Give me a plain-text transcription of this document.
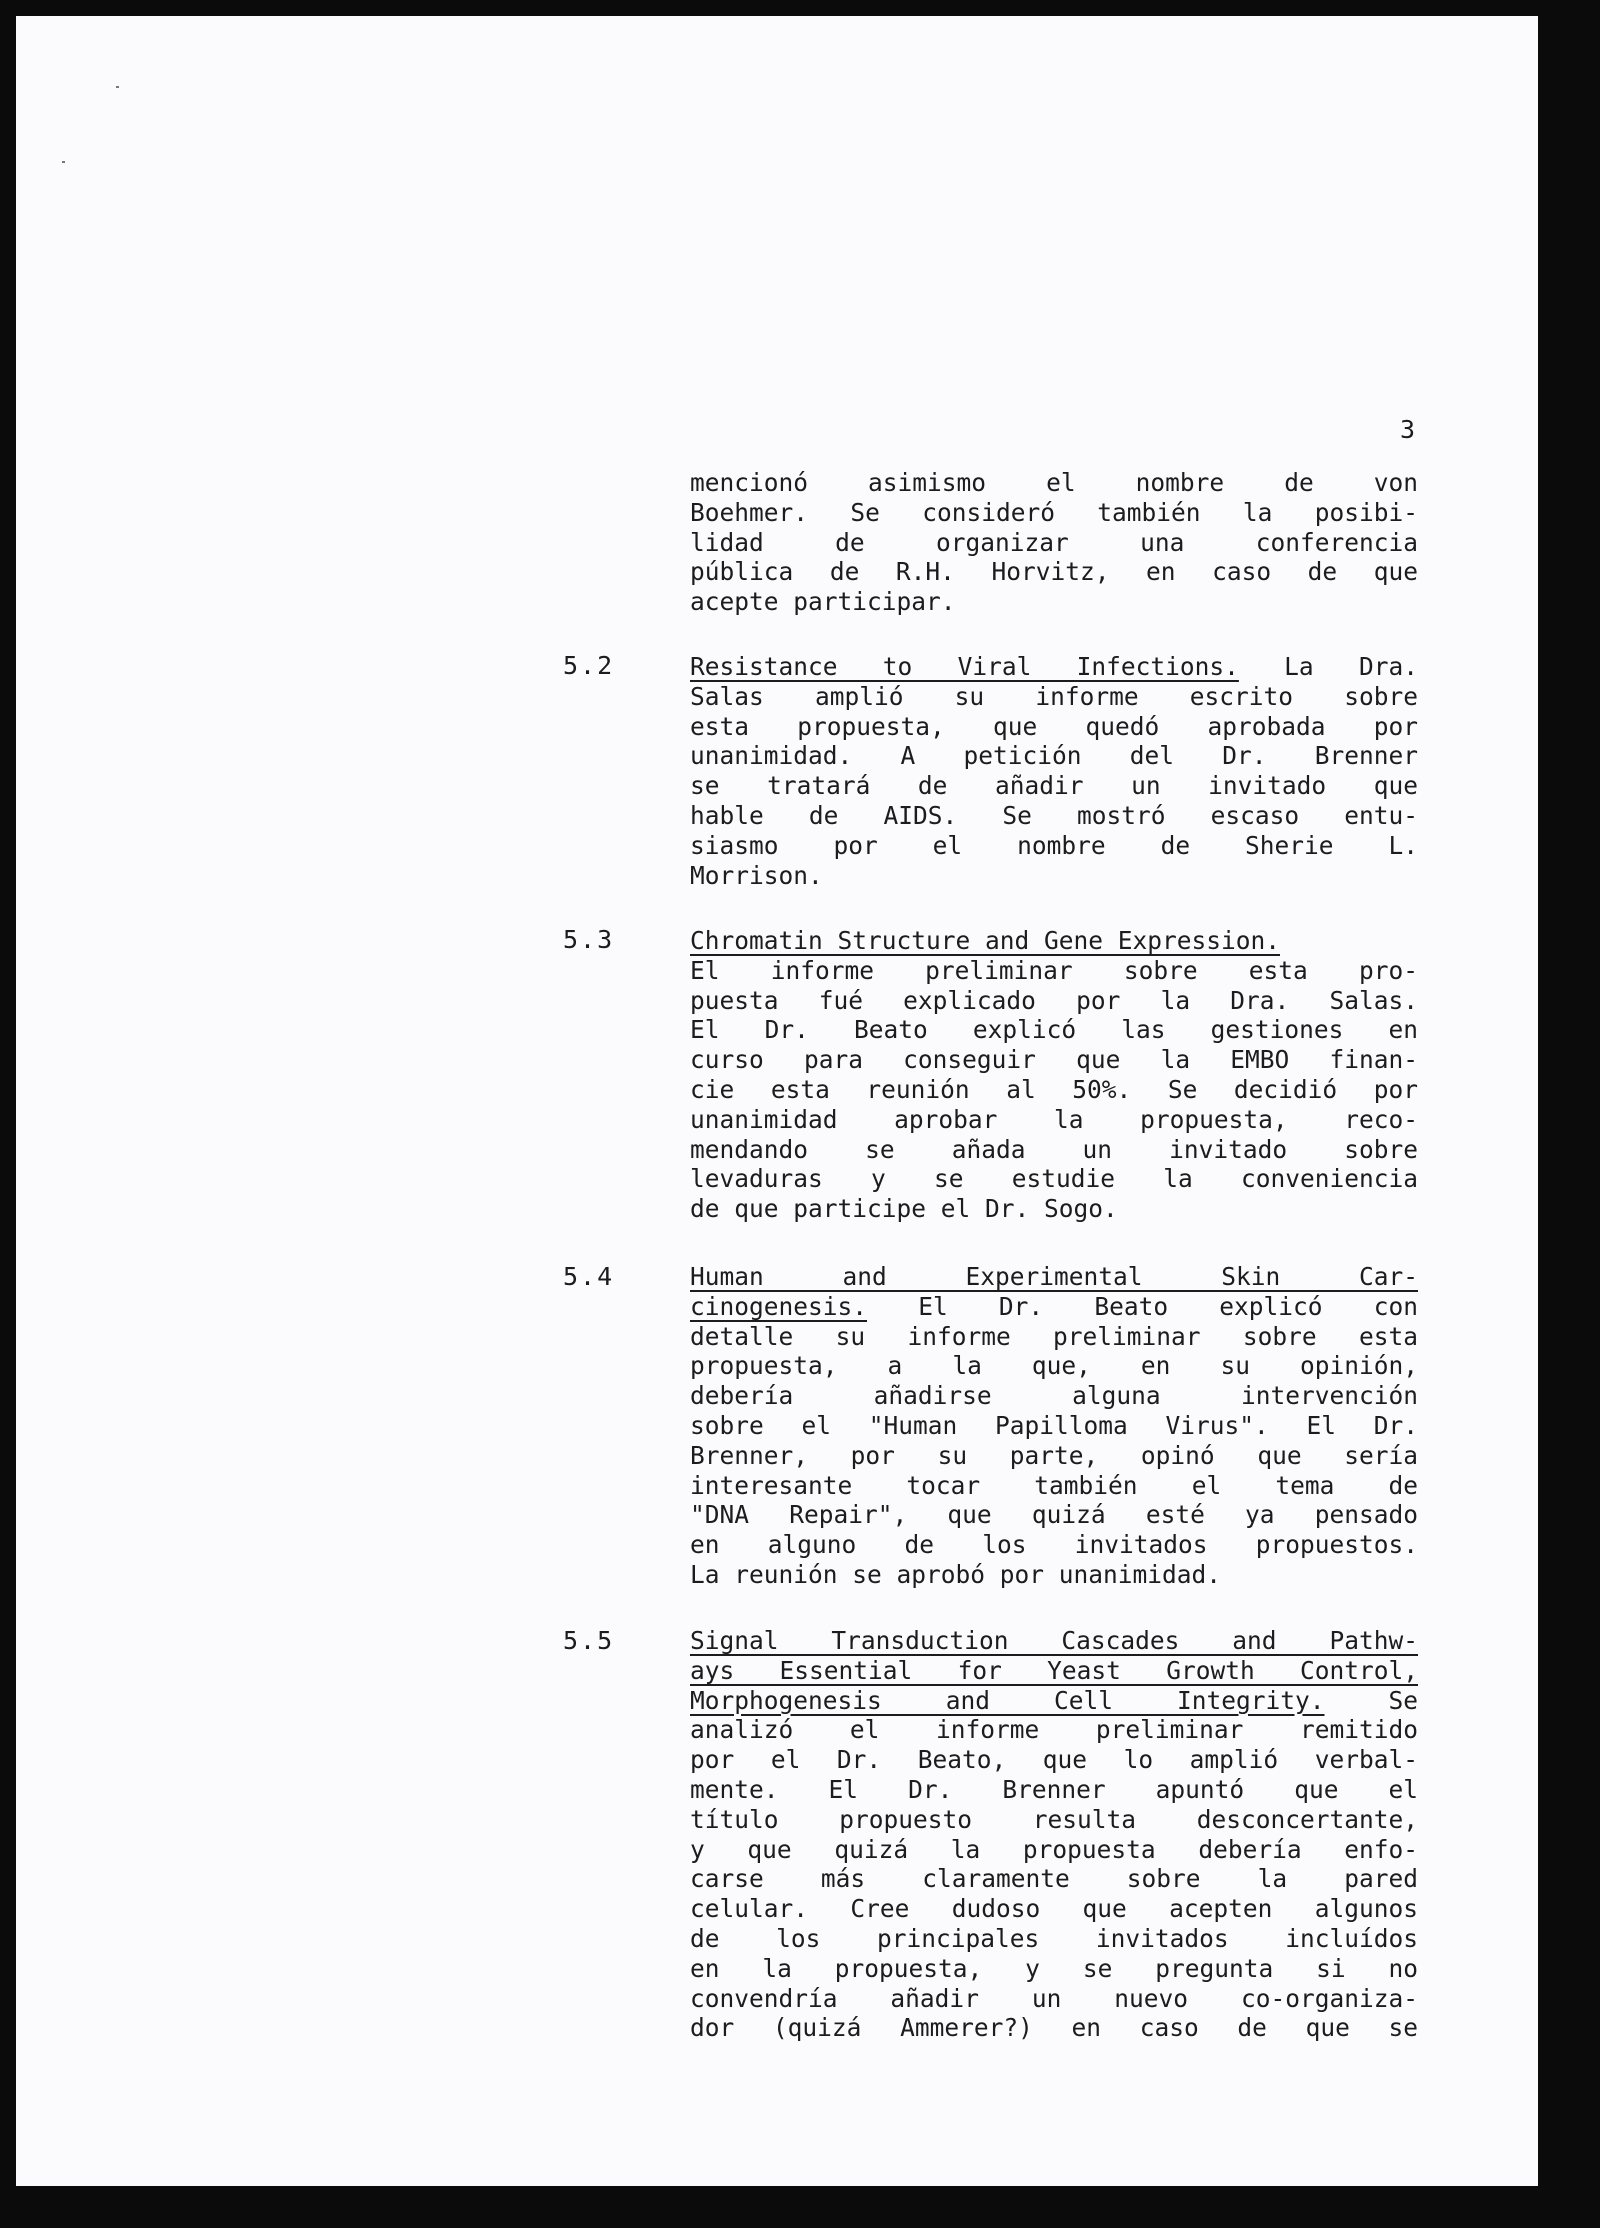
3
mencionó asimismo el nombre de von
Boehmer. Se consideró también la posibi-
lidad de organizar una conferencia
pública de R.H. Horvitz, en caso de que
acepte participar.
5.2	Resistance to Viral Infections. La Dra.
Salas amplió su informe escrito sobre
esta propuesta, que quedó aprobada por
unanimidad. A petición del Dr. Brenner
se tratará de añadir un invitado que
hable de AIDS. Se mostró escaso entu-
siasmo por el nombre de Sherie L.
Morrison.
5.3	Chromatin Structure and Gene Expression.
El informe preliminar sobre esta pro-
puesta fué explicado por la Dra. Salas.
El Dr. Beato explicó las gestiones en
curso para conseguir que la EMBO finan-
cie esta reunión al 50%. Se decidió por
unanimidad aprobar la propuesta, reco-
mendando se añada un invitado sobre
levaduras y se estudie la conveniencia
de que participe el Dr. Sogo.
5.4	Human and Experimental Skin Car-
cinogenesis. El Dr. Beato explicó con
detalle su informe preliminar sobre esta
propuesta, a la que, en su opinión,
debería añadirse alguna intervención
sobre el "Human Papilloma Virus". El Dr.
Brenner, por su parte, opinó que sería
interesante tocar también el tema de
"DNA Repair", que quizá esté ya pensado
en alguno de los invitados propuestos.
La reunión se aprobó por unanimidad.
5.5	Signal Transduction Cascades and Pathw-
ays Essential for Yeast Growth Control,
Morphogenesis and Cell Integrity. Se
analizó el informe preliminar remitido
por el Dr. Beato, que lo amplió verbal-
mente. El Dr. Brenner apuntó que el
título propuesto resulta desconcertante,
y que quizá la propuesta debería enfo-
carse más claramente sobre la pared
celular. Cree dudoso que acepten algunos
de los principales invitados incluídos
en la propuesta, y se pregunta si no
convendría añadir un nuevo co-organiza-
dor (quizá Ammerer?) en caso de que se
